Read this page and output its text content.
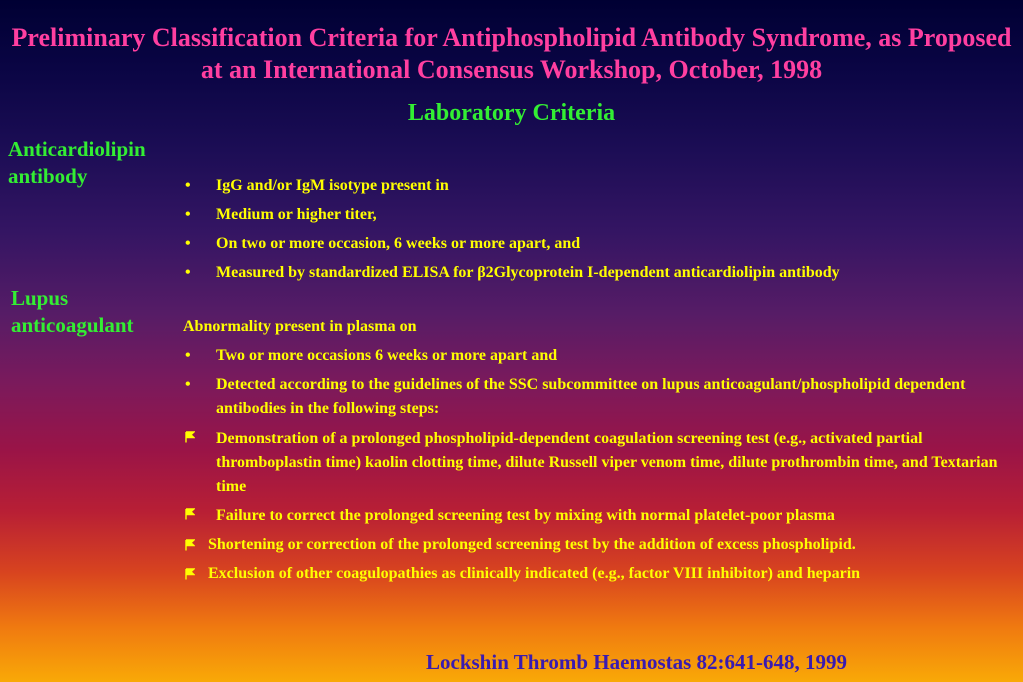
Preliminary Classification Criteria for Antiphospholipid Antibody Syndrome, as Proposed at an International Consensus Workshop, October, 1998
Laboratory Criteria
Anticardiolipin antibody
Lupus anticoagulant
•	IgG and/or IgM isotype present in
•	Medium or higher titer,
•	On two or more occasion, 6 weeks or more apart, and
•	Measured by standardized ELISA for β2Glycoprotein I-dependent anticardiolipin antibody
Abnormality present in plasma on
•	Two or more occasions 6 weeks or more apart and
•	Detected according to the guidelines of the SSC subcommittee on lupus anticoagulant/phospholipid dependent antibodies in the following steps:
Demonstration of a prolonged phospholipid-dependent coagulation screening test (e.g., activated partial thromboplastin time) kaolin clotting time, dilute Russell viper venom time, dilute prothrombin time, and Textarian time
Failure to correct the prolonged screening test by mixing with normal platelet-poor plasma
Shortening or correction of the prolonged screening test by the addition of excess phospholipid.
Exclusion of other coagulopathies as clinically indicated (e.g., factor VIII inhibitor) and heparin
Lockshin Thromb Haemostas 82:641-648, 1999
